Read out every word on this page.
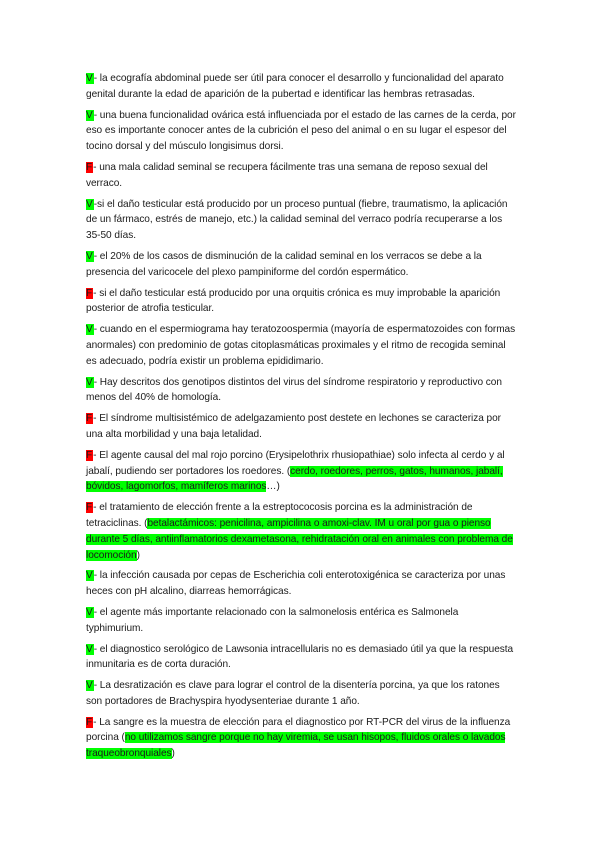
V- la ecografía abdominal puede ser útil para conocer el desarrollo y funcionalidad del aparato genital durante la edad de aparición de la pubertad e identificar las hembras retrasadas.

V- una buena funcionalidad ovárica está influenciada por el estado de las carnes de la cerda, por eso es importante conocer antes de la cubrición el peso del animal o en su lugar el espesor del tocino dorsal y del músculo longisimus dorsi.

F- una mala calidad seminal se recupera fácilmente tras una semana de reposo sexual del verraco.

V-si el daño testicular está producido por un proceso puntual (fiebre, traumatismo, la aplicación de un fármaco, estrés de manejo, etc.) la calidad seminal del verraco podría recuperarse a los 35-50 días.

V- el 20% de los casos de disminución de la calidad seminal en los verracos se debe a la presencia del varicocele del plexo pampiniforme del cordón espermático.

F- si el daño testicular está producido por una orquitis crónica es muy improbable la aparición posterior de atrofia testicular.

V- cuando en el espermiograma hay teratozoospermia (mayoría de espermatozoides con formas anormales) con predominio de gotas citoplasmáticas proximales y el ritmo de recogida seminal es adecuado, podría existir un problema epididimario.

V- Hay descritos dos genotipos distintos del virus del síndrome respiratorio y reproductivo con menos del 40% de homología.

F- El síndrome multisistémico de adelgazamiento post destete en lechones se caracteriza por una alta morbilidad y una baja letalidad.

F- El agente causal del mal rojo porcino (Erysipelothrix rhusiopathiae) solo infecta al cerdo y al jabalí, pudiendo ser portadores los roedores. (cerdo, roedores, perros, gatos, humanos, jabalí, bóvidos, lagomorfos, mamíferos marinos…)

F- el tratamiento de elección frente a la estreptococosis porcina es la administración de tetraciclinas. (betalactámicos: penicilina, ampicilina o amoxi-clav. IM u oral por gua o pienso durante 5 días, antiinflamatorios dexametasona, rehidratación oral en animales con problema de locomoción)

V- la infección causada por cepas de Escherichia coli enterotoxigénica se caracteriza por unas heces con pH alcalino, diarreas hemorrágicas.

V- el agente más importante relacionado con la salmonelosis entérica es Salmonela typhimurium.

V- el diagnostico serológico de Lawsonia intracellularis no es demasiado útil ya que la respuesta inmunitaria es de corta duración.

V- La desratización es clave para lograr el control de la disentería porcina, ya que los ratones son portadores de Brachyspira hyodysenteriae durante 1 año.

F- La sangre es la muestra de elección para el diagnostico por RT-PCR del virus de la influenza porcina (no utilizamos sangre porque no hay viremia, se usan hisopos, fluidos orales o lavados traqueobronquiales)
